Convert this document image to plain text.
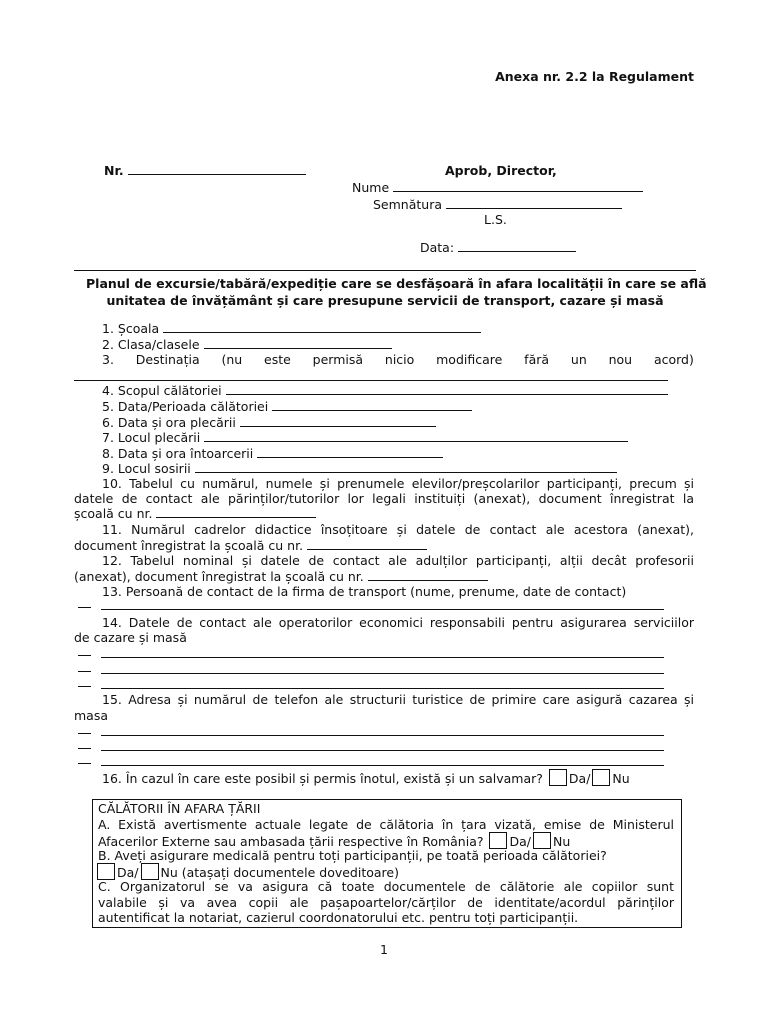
Anexa nr. 2.2 la Regulament
Nr.	Aprob, Director,
Nume
Semnătura
L.S.
Data:
Planul de excursie/tabără/expediție care se desfășoară în afara localității în care se află
unitatea de învățământ și care presupune servicii de transport, cazare și masă
1. Școala
2. Clasa/clasele
3. Destinația (nu este permisă nicio modificare fără un nou acord)
4. Scopul călătoriei
5. Data/Perioada călătoriei
6. Data și ora plecării
7. Locul plecării
8. Data și ora întoarcerii
9. Locul sosirii
10. Tabelul cu numărul, numele și prenumele elevilor/preșcolarilor participanți, precum și
datele de contact ale părinților/tutorilor lor legali instituiți (anexat), document înregistrat la
școală cu nr.
11. Numărul cadrelor didactice însoțitoare și datele de contact ale acestora (anexat),
document înregistrat la școală cu nr.
12. Tabelul nominal și datele de contact ale adulților participanți, alții decât profesorii
(anexat), document înregistrat la școală cu nr.
13. Persoană de contact de la firma de transport (nume, prenume, date de contact)
14. Datele de contact ale operatorilor economici responsabili pentru asigurarea serviciilor
de cazare și masă
15. Adresa și numărul de telefon ale structurii turistice de primire care asigură cazarea și
masa
16. În cazul în care este posibil și permis înotul, există și un salvamar? Da/ Nu
CĂLĂTORII ÎN AFARA ȚĂRII
A. Există avertismente actuale legate de călătoria în țara vizată, emise de Ministerul
Afacerilor Externe sau ambasada țării respective în România? Da/ Nu
B. Aveți asigurare medicală pentru toți participanții, pe toată perioada călătoriei?
Da/ Nu (atașați documentele doveditoare)
C. Organizatorul se va asigura că toate documentele de călătorie ale copiilor sunt
valabile și va avea copii ale pașapoartelor/cărților de identitate/acordul părinților
autentificat la notariat, cazierul coordonatorului etc. pentru toți participanții.
1
